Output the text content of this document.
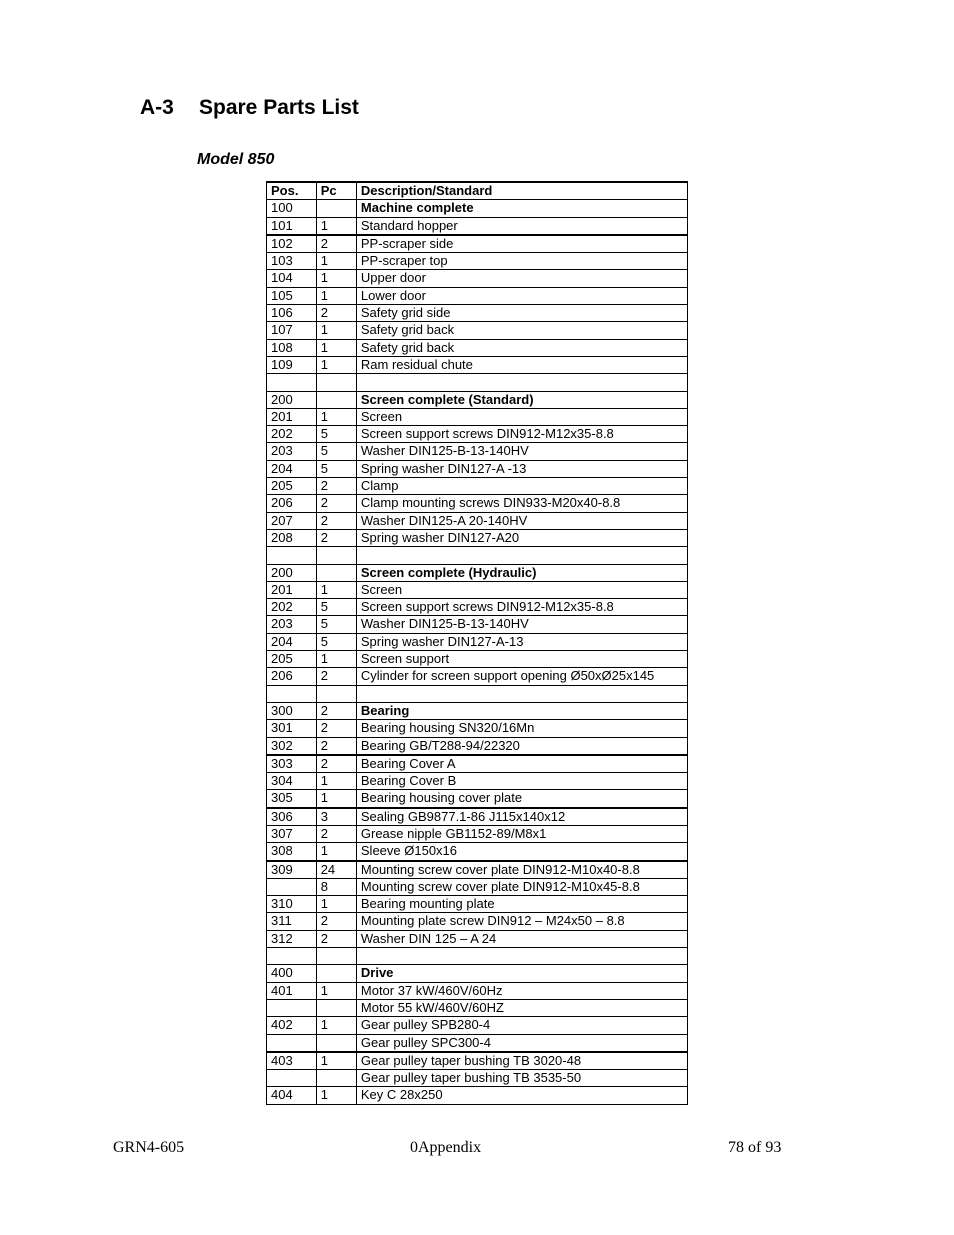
A-3 Spare Parts List
Model 850
Pos.	Pc	Description/Standard
100		Machine complete
101	1	Standard hopper
102	2	PP-scraper side
103	1	PP-scraper top
104	1	Upper door
105	1	Lower door
106	2	Safety grid side
107	1	Safety grid back
108	1	Safety grid back
109	1	Ram residual chute

200		Screen complete (Standard)
201	1	Screen
202	5	Screen support screws DIN912-M12x35-8.8
203	5	Washer DIN125-B-13-140HV
204	5	Spring washer DIN127-A -13
205	2	Clamp
206	2	Clamp mounting screws DIN933-M20x40-8.8
207	2	Washer DIN125-A 20-140HV
208	2	Spring washer DIN127-A20

200		Screen complete (Hydraulic)
201	1	Screen
202	5	Screen support screws DIN912-M12x35-8.8
203	5	Washer DIN125-B-13-140HV
204	5	Spring washer DIN127-A-13
205	1	Screen support
206	2	Cylinder for screen support opening Ø50xØ25x145

300	2	Bearing
301	2	Bearing housing SN320/16Mn
302	2	Bearing GB/T288-94/22320
303	2	Bearing Cover A
304	1	Bearing Cover B
305	1	Bearing housing cover plate
306	3	Sealing GB9877.1-86 J115x140x12
307	2	Grease nipple GB1152-89/M8x1
308	1	Sleeve Ø150x16
309	24	Mounting screw cover plate DIN912-M10x40-8.8
	8	Mounting screw cover plate DIN912-M10x45-8.8
310	1	Bearing mounting plate
311	2	Mounting plate screw DIN912 – M24x50 – 8.8
312	2	Washer DIN 125 – A 24

400		Drive
401	1	Motor 37 kW/460V/60Hz
		Motor 55 kW/460V/60HZ
402	1	Gear pulley SPB280-4
		Gear pulley SPC300-4
403	1	Gear pulley taper bushing TB 3020-48
		Gear pulley taper bushing TB 3535-50
404	1	Key C 28x250
GRN4-605	0Appendix	78 of 93
